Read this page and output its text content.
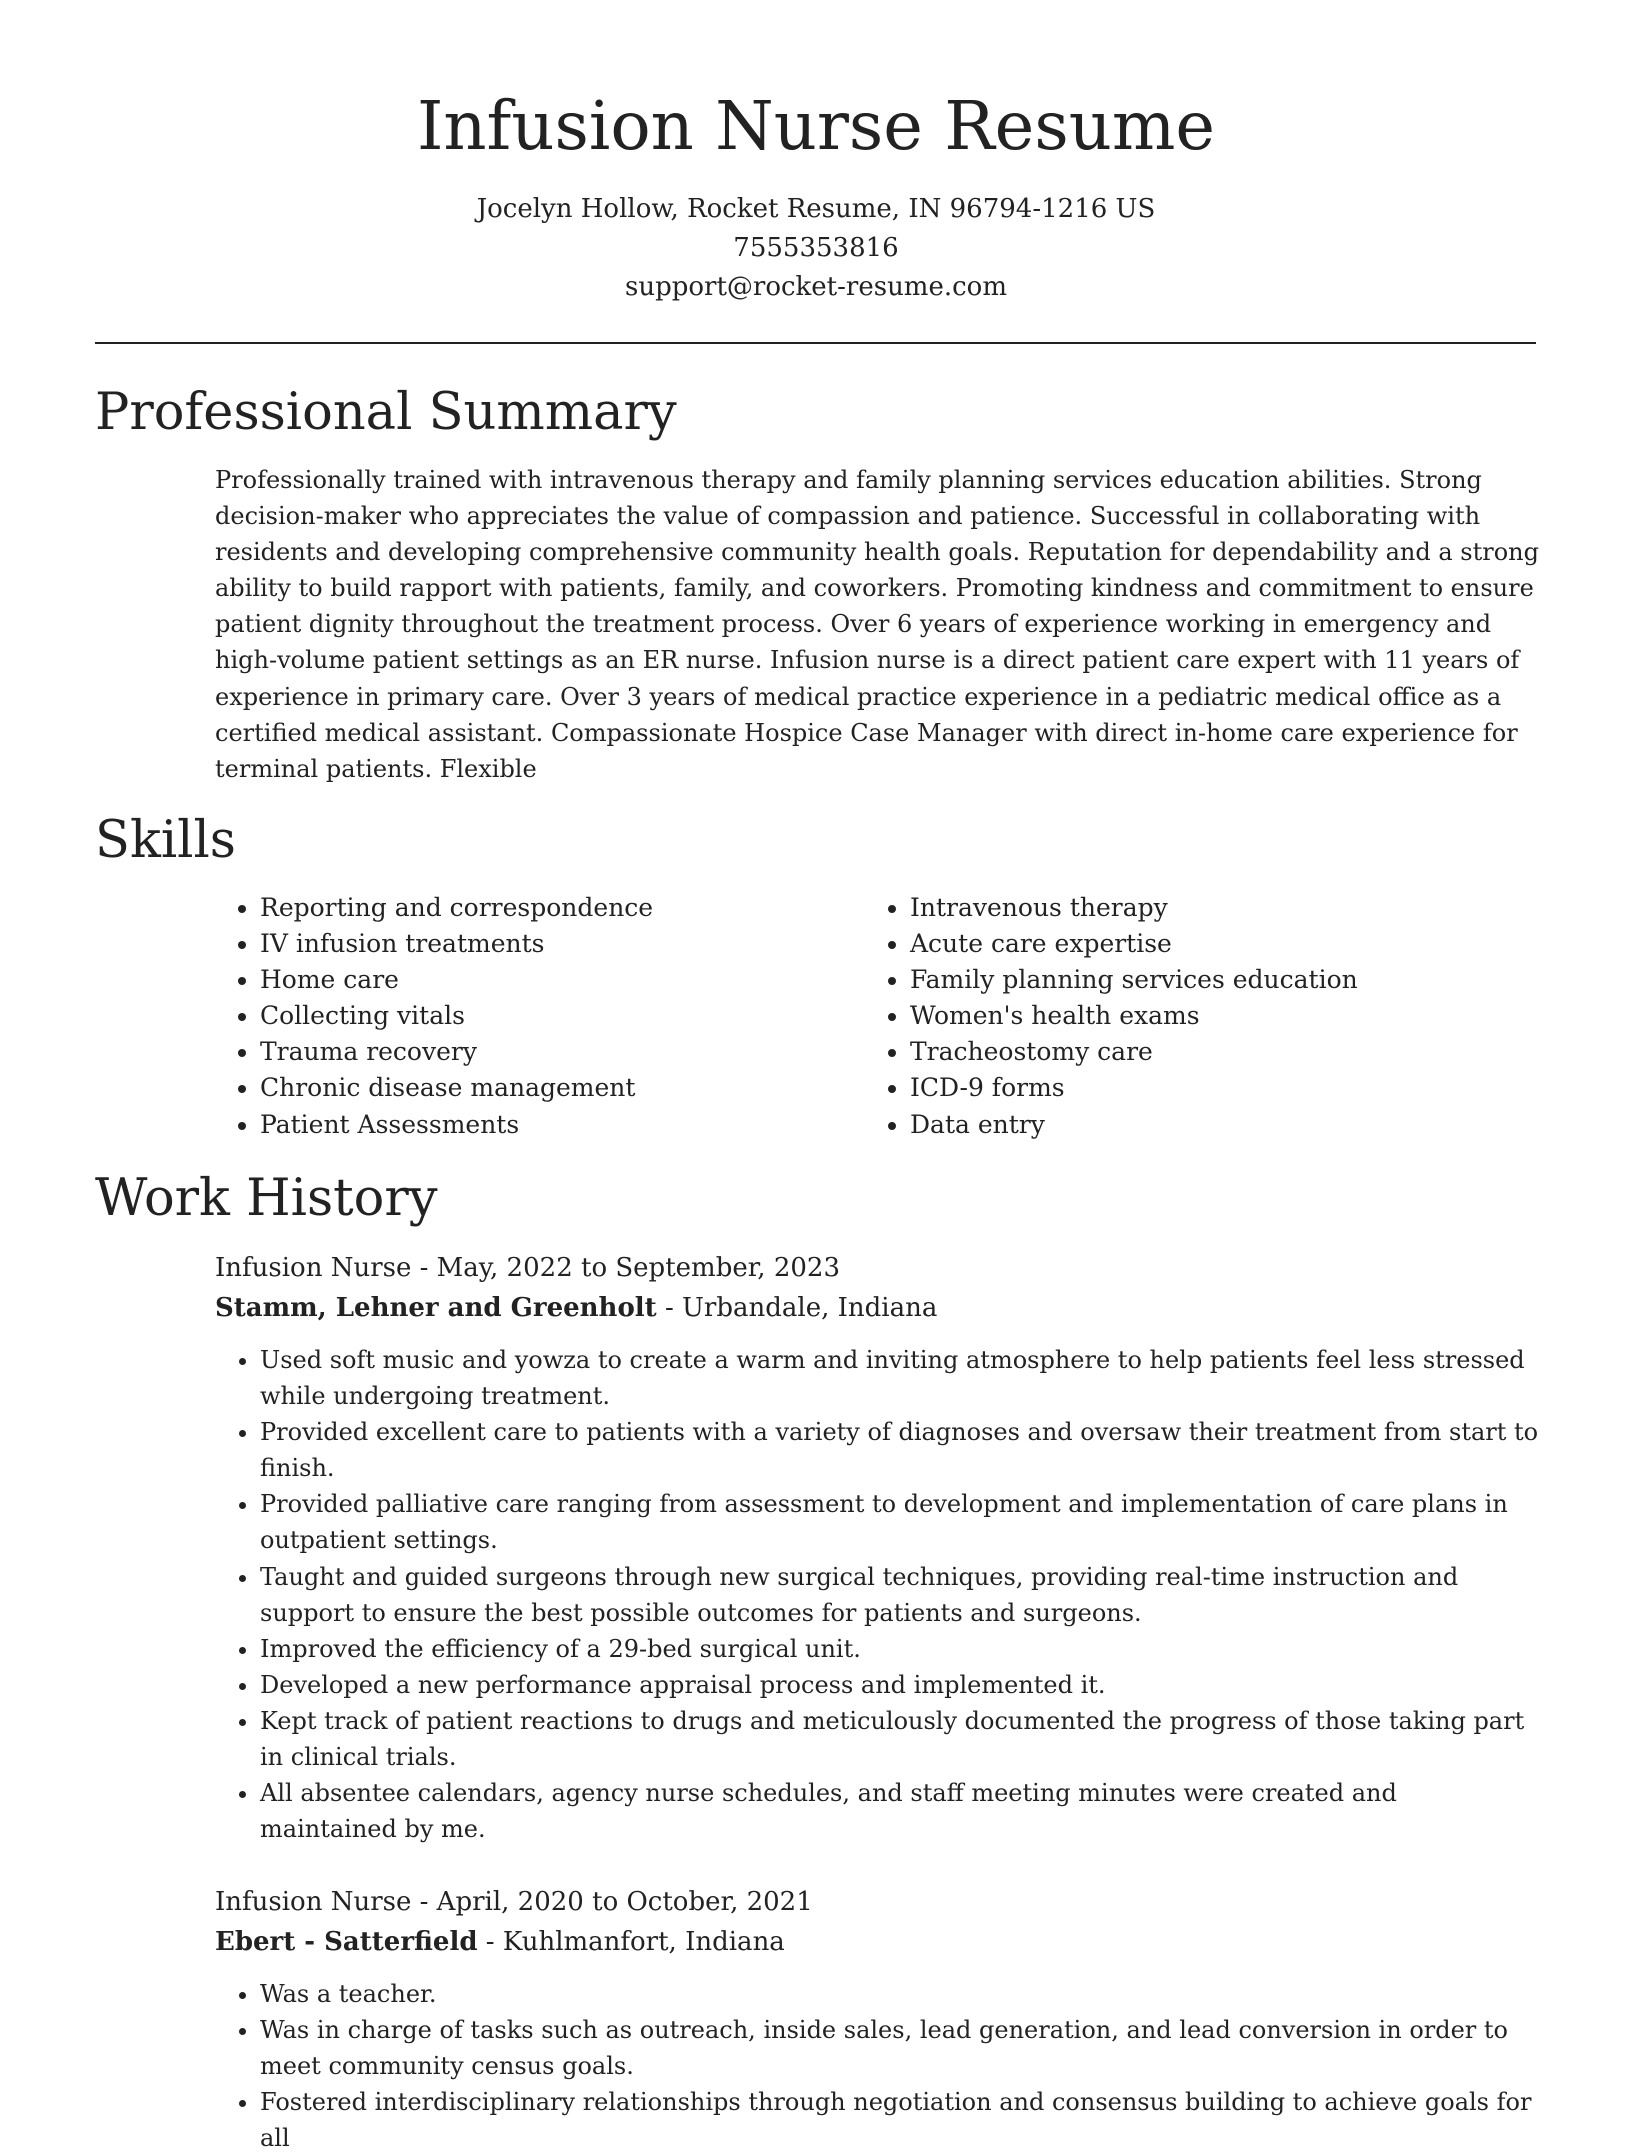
Infusion Nurse Resume
Jocelyn Hollow, Rocket Resume, IN 96794-1216 US
7555353816
support@rocket-resume.com
Professional Summary

Professionally trained with intravenous therapy and family planning services education abilities. Strong decision-maker who appreciates the value of compassion and patience. Successful in collaborating with residents and developing comprehensive community health goals. Reputation for dependability and a strong ability to build rapport with patients, family, and coworkers. Promoting kindness and commitment to ensure patient dignity throughout the treatment process. Over 6 years of experience working in emergency and high-volume patient settings as an ER nurse. Infusion nurse is a direct patient care expert with 11 years of experience in primary care. Over 3 years of medical practice experience in a pediatric medical office as a certified medical assistant. Compassionate Hospice Case Manager with direct in-home care experience for terminal patients. Flexible

Skills
• Reporting and correspondence
• IV infusion treatments
• Home care
• Collecting vitals
• Trauma recovery
• Chronic disease management
• Patient Assessments
• Intravenous therapy
• Acute care expertise
• Family planning services education
• Women's health exams
• Tracheostomy care
• ICD-9 forms
• Data entry
Work History
Infusion Nurse - May, 2022 to September, 2023
Stamm, Lehner and Greenholt - Urbandale, Indiana
• Used soft music and yowza to create a warm and inviting atmosphere to help patients feel less stressed while undergoing treatment.
• Provided excellent care to patients with a variety of diagnoses and oversaw their treatment from start to finish.
• Provided palliative care ranging from assessment to development and implementation of care plans in outpatient settings.
• Taught and guided surgeons through new surgical techniques, providing real-time instruction and support to ensure the best possible outcomes for patients and surgeons.
• Improved the efficiency of a 29-bed surgical unit.
• Developed a new performance appraisal process and implemented it.
• Kept track of patient reactions to drugs and meticulously documented the progress of those taking part in clinical trials.
• All absentee calendars, agency nurse schedules, and staff meeting minutes were created and maintained by me.
Infusion Nurse - April, 2020 to October, 2021
Ebert - Satterfield - Kuhlmanfort, Indiana
• Was a teacher.
• Was in charge of tasks such as outreach, inside sales, lead generation, and lead conversion in order to meet community census goals.
• Fostered interdisciplinary relationships through negotiation and consensus building to achieve goals for all
